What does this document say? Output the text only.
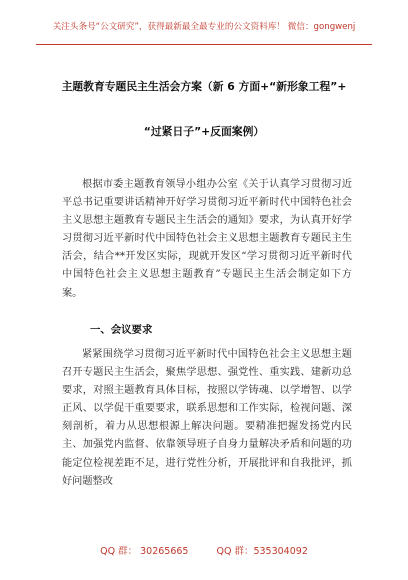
关注头条号“公文研究”，获得最新最全最专业的公文资料库！ 微信：gongwenj
主题教育专题民主生活会方案（新 6 方面+“新形象工程”+
“过紧日子”+反面案例）

根据市委主题教育领导小组办公室《关于认真学习贯彻习近平总书记重要讲话精神开好学习贯彻习近平新时代中国特色社会主义思想主题教育专题民主生活会的通知》要求，为认真开好学习贯彻习近平新时代中国特色社会主义思想主题教育专题民主生活会，结合**开发区实际，现就开发区“学习贯彻习近平新时代中国特色社会主义思想主题教育”专题民主生活会制定如下方案。

一、会议要求

紧紧围绕学习贯彻习近平新时代中国特色社会主义思想主题召开专题民主生活会，聚焦学思想、强党性、重实践、建新功总要求，对照主题教育具体目标，按照以学铸魂、以学增智、以学正风、以学促干重要要求，联系思想和工作实际，检视问题、深刻剖析，着力从思想根源上解决问题。要精准把握发扬党内民主、加强党内监督、依靠领导班子自身力量解决矛盾和问题的功能定位检视差距不足，进行党性分析，开展批评和自我批评，抓好问题整改

QQ 群： 30265665	QQ 群：535304092
